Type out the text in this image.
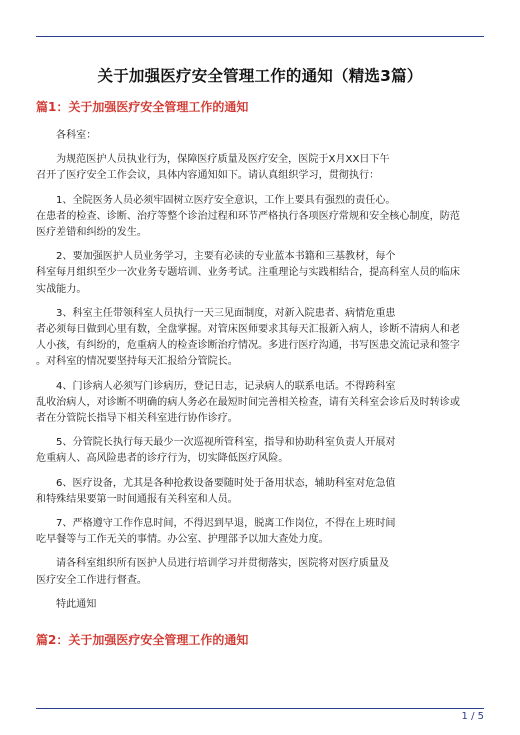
关于加强医疗安全管理工作的通知（精选3篇）
篇1：关于加强医疗安全管理工作的通知

各科室：

为规范医护人员执业行为，保障医疗质量及医疗安全，医院于X月XX日下午
召开了医疗安全工作会议，具体内容通知如下。请认真组织学习，贯彻执行：

1、全院医务人员必须牢固树立医疗安全意识，工作上要具有强烈的责任心。
在患者的检查、诊断、治疗等整个诊治过程和环节严格执行各项医疗常规和安全核心制度，防范
医疗差错和纠纷的发生。

2、要加强医护人员业务学习，主要有必读的专业蓝本书籍和三基教材，每个
科室每月组织至少一次业务专题培训、业务考试。注重理论与实践相结合，提高科室人员的临床
实战能力。

3、科室主任带领科室人员执行一天三见面制度，对新入院患者、病情危重患
者必须每日做到心里有数，全盘掌握。对管床医师要求其每天汇报新入病人，诊断不清病人和老
人小孩，有纠纷的，危重病人的检查诊断治疗情况。多进行医疗沟通，书写医患交流记录和签字
。对科室的情况要坚持每天汇报给分管院长。

4、门诊病人必须写门诊病历，登记日志，记录病人的联系电话。不得跨科室
乱收治病人，对诊断不明确的病人务必在最短时间完善相关检查，请有关科室会诊后及时转诊或
者在分管院长指导下相关科室进行协作诊疗。

5、分管院长执行每天最少一次巡视所管科室，指导和协助科室负责人开展对
危重病人、高风险患者的诊疗行为，切实降低医疗风险。

6、医疗设备，尤其是各种抢救设备要随时处于备用状态，辅助科室对危急值
和特殊结果要第一时间通报有关科室和人员。

7、严格遵守工作作息时间，不得迟到早退，脱离工作岗位，不得在上班时间
吃早餐等与工作无关的事情。办公室、护理部予以加大查处力度。

请各科室组织所有医护人员进行培训学习并贯彻落实，医院将对医疗质量及
医疗安全工作进行督查。

特此通知

篇2：关于加强医疗安全管理工作的通知
1 / 5
